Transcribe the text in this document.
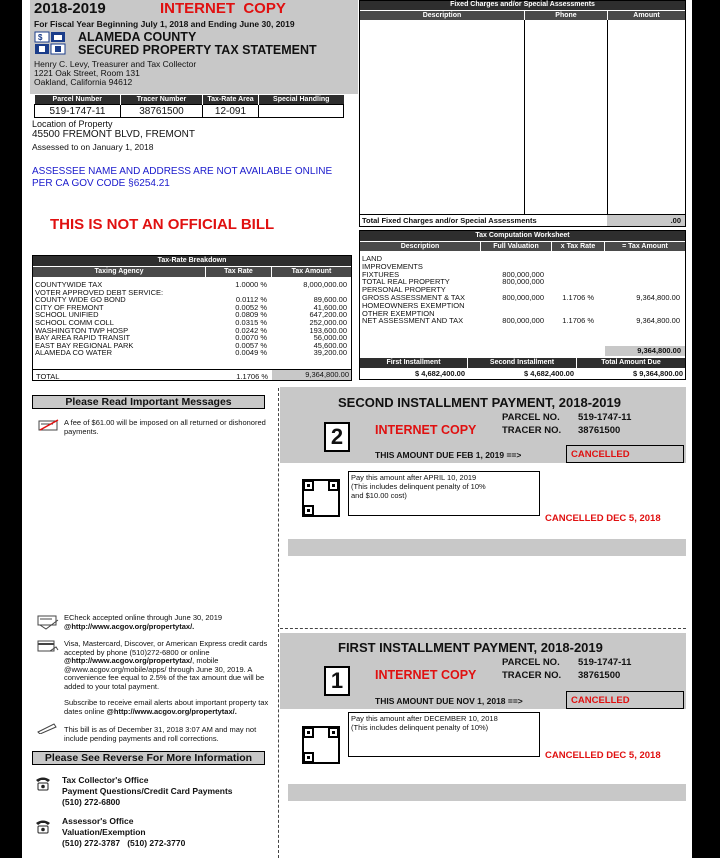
2018-2019	INTERNET  COPY
For Fiscal Year Beginning July 1, 2018 and Ending June 30, 2019
$	ALAMEDA COUNTY
SECURED PROPERTY TAX STATEMENT
Henry C. Levy, Treasurer and Tax Collector
1221 Oak Street, Room 131
Oakland, California 94612
Parcel Number	Tracer Number	Tax-Rate Area	Special Handling
519-1747-11	38761500	12-091	
Location of Property
45500 FREMONT BLVD, FREMONT
Assessed to on January 1, 2018
ASSESSEE NAME AND ADDRESS ARE NOT AVAILABLE ONLINE
PER CA GOV CODE §6254.21
THIS IS NOT AN OFFICIAL BILL
Fixed Charges and/or Special Assessments
Description	Phone	Amount
Total Fixed Charges and/or Special Assessments	.00
Tax Computation Worksheet
Description	Full Valuation	x Tax Rate	= Tax Amount
LAND
IMPROVEMENTS
FIXTURES	800,000,000
TOTAL REAL PROPERTY	800,000,000
PERSONAL PROPERTY
GROSS ASSESSMENT & TAX	800,000,000	1.1706 %	9,364,800.00
HOMEOWNERS EXEMPTION
OTHER EXEMPTION
NET ASSESSMENT AND TAX	800,000,000	1.1706 %	9,364,800.00
9,364,800.00
First Installment	Second Installment	Total Amount Due
$ 4,682,400.00	$ 4,682,400.00	$ 9,364,800.00
Tax-Rate Breakdown
Taxing Agency	Tax Rate	Tax Amount
COUNTYWIDE TAX	1.0000 %	8,000,000.00
VOTER APPROVED DEBT SERVICE:
COUNTY WIDE GO BOND	0.0112 %	89,600.00
CITY OF FREMONT	0.0052 %	41,600.00
SCHOOL UNIFIED	0.0809 %	647,200.00
SCHOOL COMM COLL	0.0315 %	252,000.00
WASHINGTON TWP HOSP	0.0242 %	193,600.00
BAY AREA RAPID TRANSIT	0.0070 %	56,000.00
EAST BAY REGIONAL PARK	0.0057 %	45,600.00
ALAMEDA CO WATER	0.0049 %	39,200.00
TOTAL	1.1706 %	9,364,800.00
Please Read Important Messages
A fee of $61.00 will be imposed on all returned or dishonored payments.
ECheck accepted online through June 30, 2019 @http://www.acgov.org/propertytax/.
Visa, Mastercard, Discover, or American Express credit cards accepted by phone (510)272-6800 or online @http://www.acgov.org/propertytax/, mobile @www.acgov.org/mobile/apps/ through June 30, 2019. A convenience fee equal to 2.5% of the tax amount due will be added to your total payment.
Subscribe to receive email alerts about important property tax dates online @http://www.acgov.org/propertytax/.
This bill is as of December 31, 2018 3:07 AM and may not include pending payments and roll corrections.
Please See Reverse For More Information
Tax Collector's Office
Payment Questions/Credit Card Payments
(510) 272-6800
Assessor's Office
Valuation/Exemption
(510) 272-3787   (510) 272-3770
SECOND INSTALLMENT PAYMENT, 2018-2019
PARCEL NO. 519-1747-11
TRACER NO. 38761500
2	INTERNET COPY
THIS AMOUNT DUE FEB 1, 2019 ==>	CANCELLED
Pay this amount after APRIL 10, 2019
(This includes delinquent penalty of 10%
and $10.00 cost)
CANCELLED DEC 5, 2018
FIRST INSTALLMENT PAYMENT, 2018-2019
PARCEL NO. 519-1747-11
TRACER NO. 38761500
1	INTERNET COPY
THIS AMOUNT DUE NOV 1, 2018 ==>	CANCELLED
Pay this amount after DECEMBER 10, 2018
(This includes delinquent penalty of 10%)
CANCELLED DEC 5, 2018
